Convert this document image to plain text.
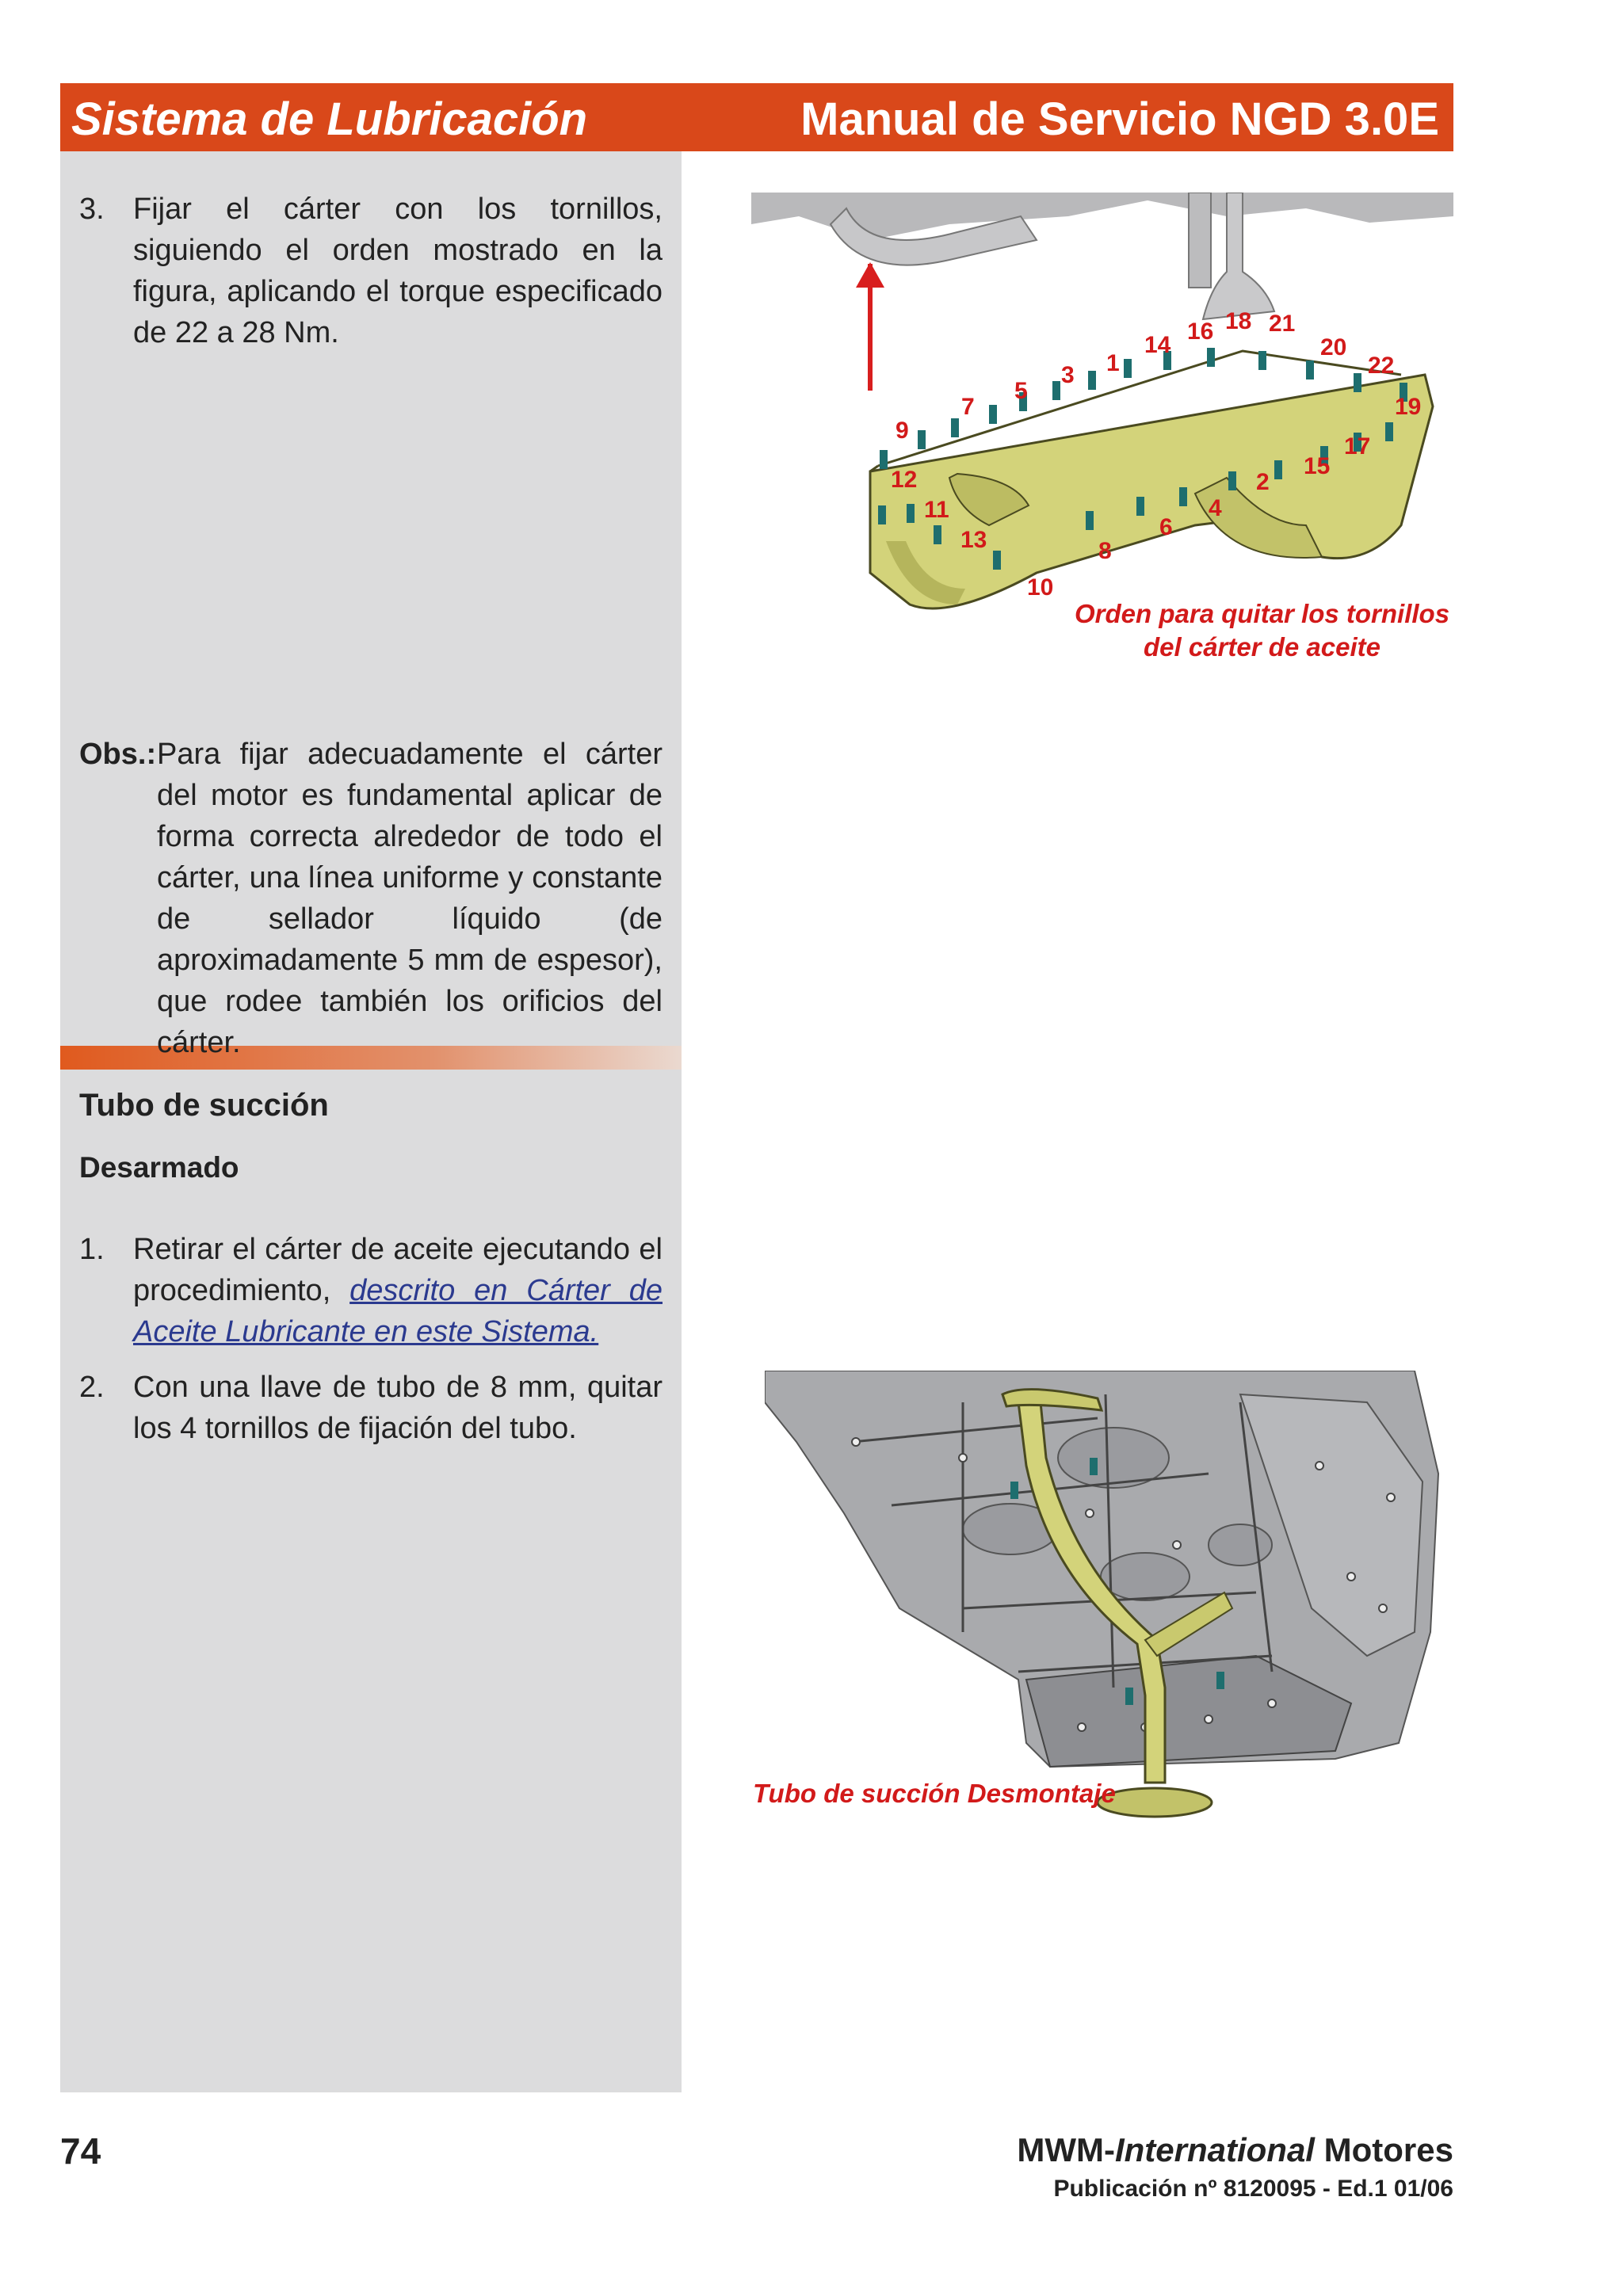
Sistema de Lubricación	Manual de Servicio NGD 3.0E
3. Fijar el cárter con los tornillos, siguiendo el orden mostrado en la figura, aplicando el torque especificado de 22 a 28 Nm.
Obs.: Para fijar adecuadamente el cárter del motor es fundamental aplicar de forma correcta alrededor de todo el cárter, una línea uniforme y constante de sellador líquido (de aproximadamente 5 mm de espesor), que rodee también los orificios del cárter.
Tubo de succión
Desarmado
1. Retirar el cárter de aceite ejecutando el procedimiento, descrito en Cárter de Aceite Lubricante en este Sistema.
2. Con una llave de tubo de 8 mm, quitar los 4 tornillos de fijación del tubo.
1
2
3
4
5
6
7
8
9
10
11
12
13
14
15
16
17
18
19
20
21
22
Orden para quitar los tornillos
del cárter de aceite
Tubo de succión Desmontaje
74	MWM-International Motores
Publicación nº 8120095 - Ed.1 01/06
